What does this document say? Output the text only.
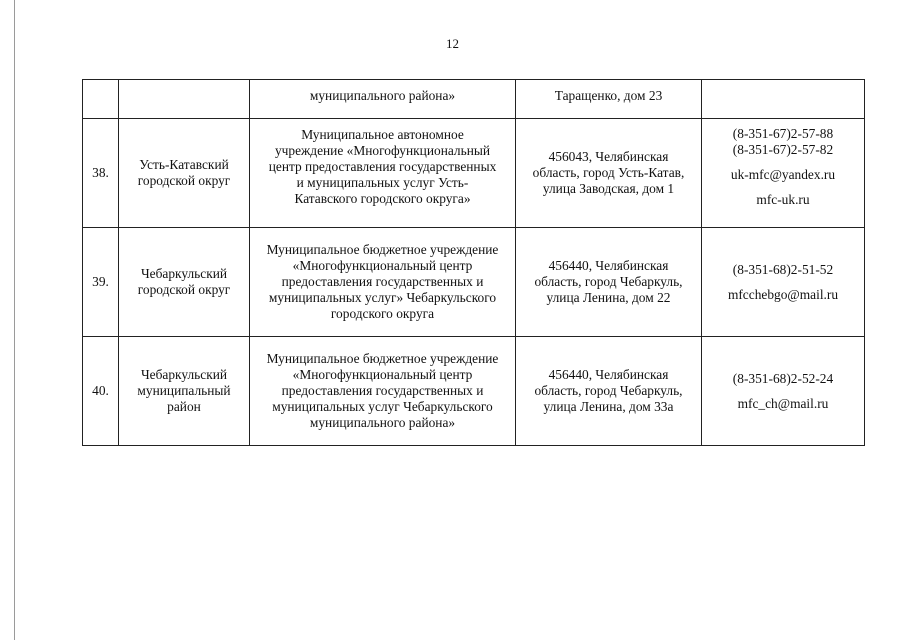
12

		муниципального района»	Таращенко, дом 23	

38.	Усть-Катавский
городской округ	Муниципальное автономное
учреждение «Многофункциональный
центр предоставления государственных
и муниципальных услуг Усть-
Катавского городского округа»	456043, Челябинская
область, город Усть-Катав,
улица Заводская, дом 1	(8-351-67)2-57-88
(8-351-67)2-57-82
uk-mfc@yandex.ru
mfc-uk.ru

39.	Чебаркульский
городской округ	Муниципальное бюджетное учреждение
«Многофункциональный центр
предоставления государственных и
муниципальных услуг» Чебаркульского
городского округа	456440, Челябинская
область, город Чебаркуль,
улица Ленина, дом 22	(8-351-68)2-51-52
mfcchebgo@mail.ru

40.	Чебаркульский
муниципальный
район	Муниципальное бюджетное учреждение
«Многофункциональный центр
предоставления государственных и
муниципальных услуг Чебаркульского
муниципального района»	456440, Челябинская
область, город Чебаркуль,
улица Ленина, дом 33а	(8-351-68)2-52-24
mfc_ch@mail.ru
